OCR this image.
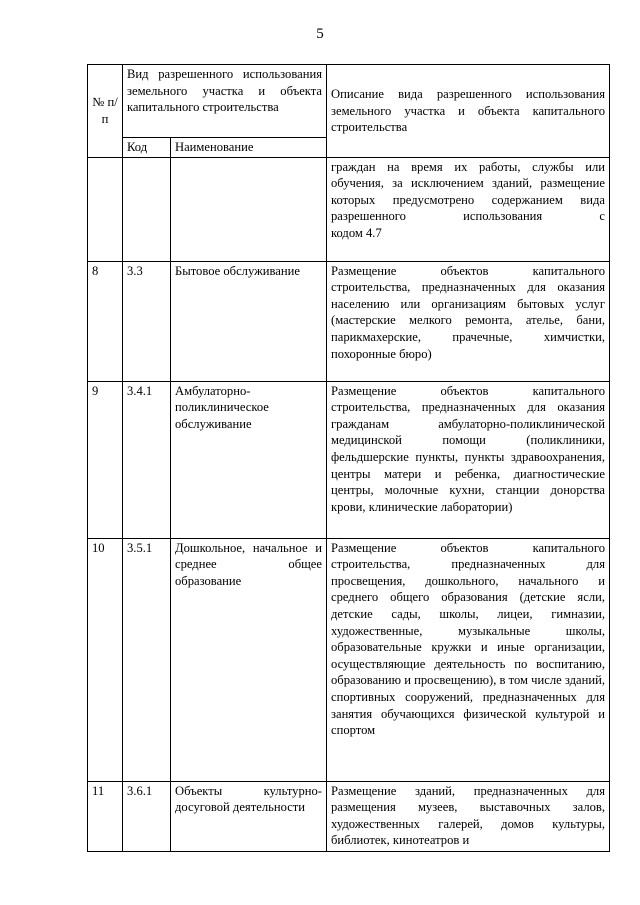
5
№ п/п	Вид разрешенного использования земельного участка и объекта капитального строительства		Описание вида разрешенного использования земельного участка и объекта капитального строительства
	Код	Наименование	

			граждан на время их работы, службы или обучения, за исключением зданий, размещение которых предусмотрено содержанием вида разрешенного использования с
кодом 4.7

8	3.3	Бытовое обслуживание	Размещение объектов капитального строительства, предназначенных для оказания населению или организациям бытовых услуг (мастерские мелкого ремонта, ателье, бани, парикмахерские, прачечные, химчистки, похоронные бюро)
9	3.4.1	Амбулаторно-поликлиническое обслуживание	Размещение объектов капитального строительства, предназначенных для оказания гражданам амбулаторно-поликлинической медицинской помощи (поликлиники, фельдшерские пункты, пункты здравоохранения, центры матери и ребенка, диагностические центры, молочные кухни, станции донорства крови, клинические лаборатории)
10	3.5.1	Дошкольное, начальное и среднее общее образование	Размещение объектов капитального строительства, предназначенных для просвещения, дошкольного, начального и среднего общего образования (детские ясли, детские сады, школы, лицеи, гимназии, художественные, музыкальные школы, образовательные кружки и иные организации, осуществляющие деятельность по воспитанию, образованию и просвещению), в том числе зданий, спортивных сооружений, предназначенных для занятия обучающихся физической культурой и спортом
11	3.6.1	Объекты культурно-досуговой деятельности	Размещение зданий, предназначенных для размещения музеев, выставочных залов, художественных галерей, домов культуры, библиотек, кинотеатров и
